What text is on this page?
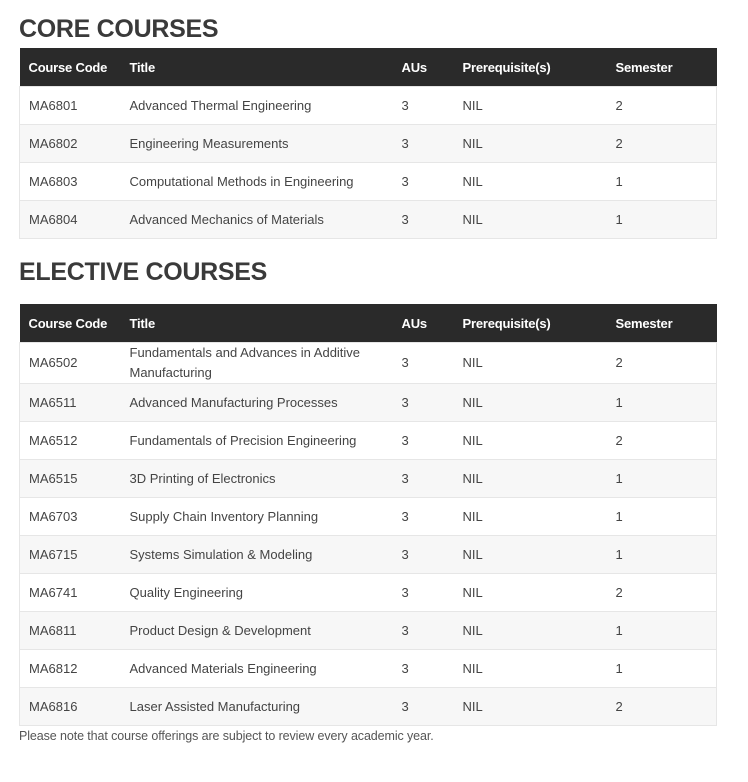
CORE COURSES
Course Code	Title	AUs	Prerequisite(s)	Semester
MA6801	Advanced Thermal Engineering	3	NIL	2
MA6802	Engineering Measurements	3	NIL	2
MA6803	Computational Methods in Engineering	3	NIL	1
MA6804	Advanced Mechanics of Materials	3	NIL	1
ELECTIVE COURSES
Course Code	Title	AUs	Prerequisite(s)	Semester
MA6502	Fundamentals and Advances in Additive Manufacturing	3	NIL	2
MA6511	Advanced Manufacturing Processes	3	NIL	1
MA6512	Fundamentals of Precision Engineering	3	NIL	2
MA6515	3D Printing of Electronics	3	NIL	1
MA6703	Supply Chain Inventory Planning	3	NIL	1
MA6715	Systems Simulation & Modeling	3	NIL	1
MA6741	Quality Engineering	3	NIL	2
MA6811	Product Design & Development	3	NIL	1
MA6812	Advanced Materials Engineering	3	NIL	1
MA6816	Laser Assisted Manufacturing	3	NIL	2

Please note that course offerings are subject to review every academic year.
